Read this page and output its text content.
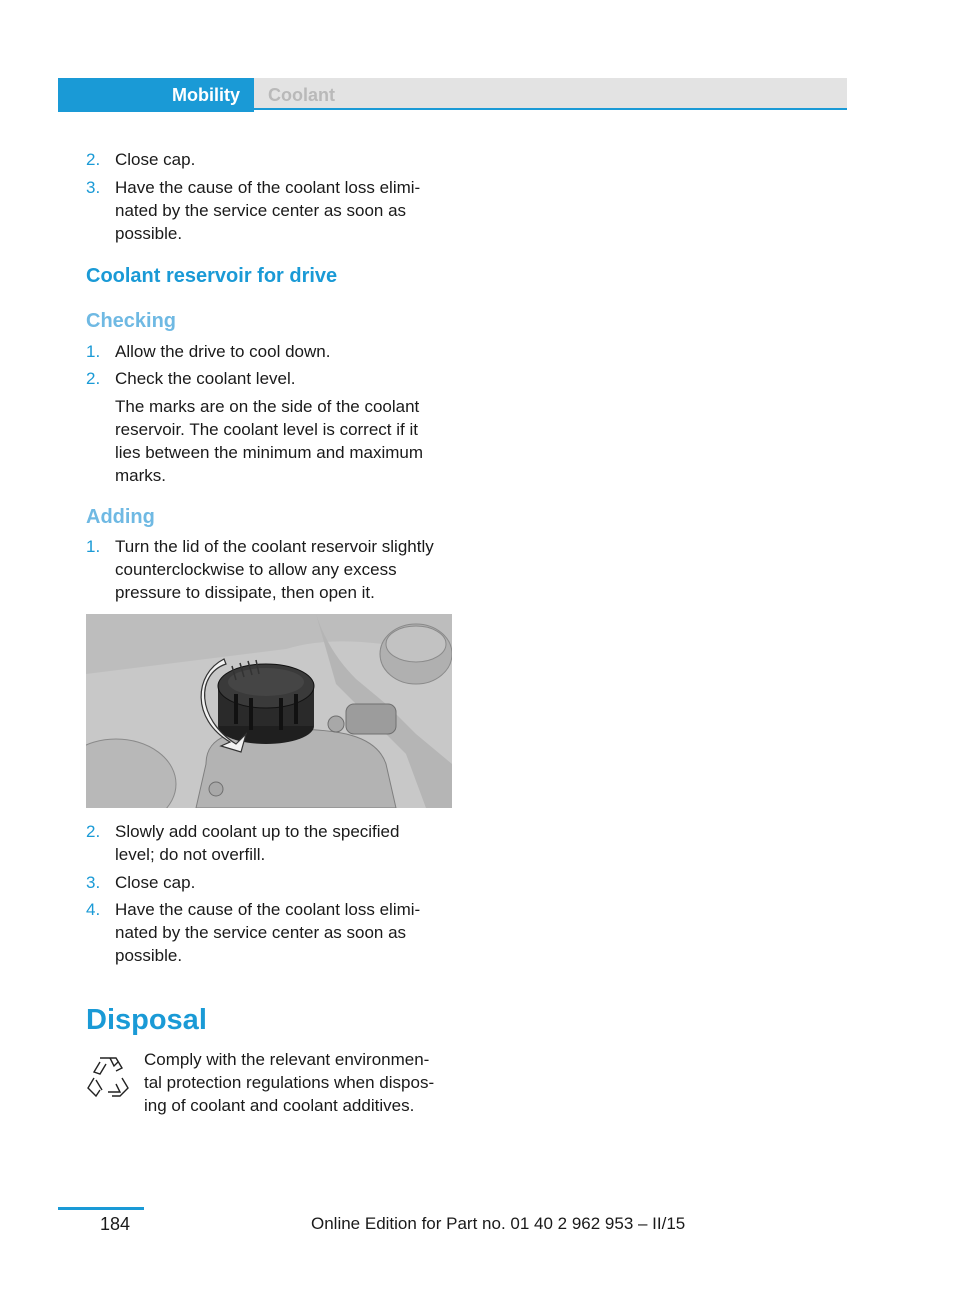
Mobility	Coolant
2. Close cap.
3. Have the cause of the coolant loss elimi-
nated by the service center as soon as
possible.
Coolant reservoir for drive
Checking
1. Allow the drive to cool down.
2. Check the coolant level.
The marks are on the side of the coolant
reservoir. The coolant level is correct if it
lies between the minimum and maximum
marks.
Adding
1. Turn the lid of the coolant reservoir slightly
counterclockwise to allow any excess
pressure to dissipate, then open it.
2. Slowly add coolant up to the specified
level; do not overfill.
3. Close cap.
4. Have the cause of the coolant loss elimi-
nated by the service center as soon as
possible.
Disposal
Comply with the relevant environmen-
tal protection regulations when dispos-
ing of coolant and coolant additives.
184	Online Edition for Part no. 01 40 2 962 953 – II/15
